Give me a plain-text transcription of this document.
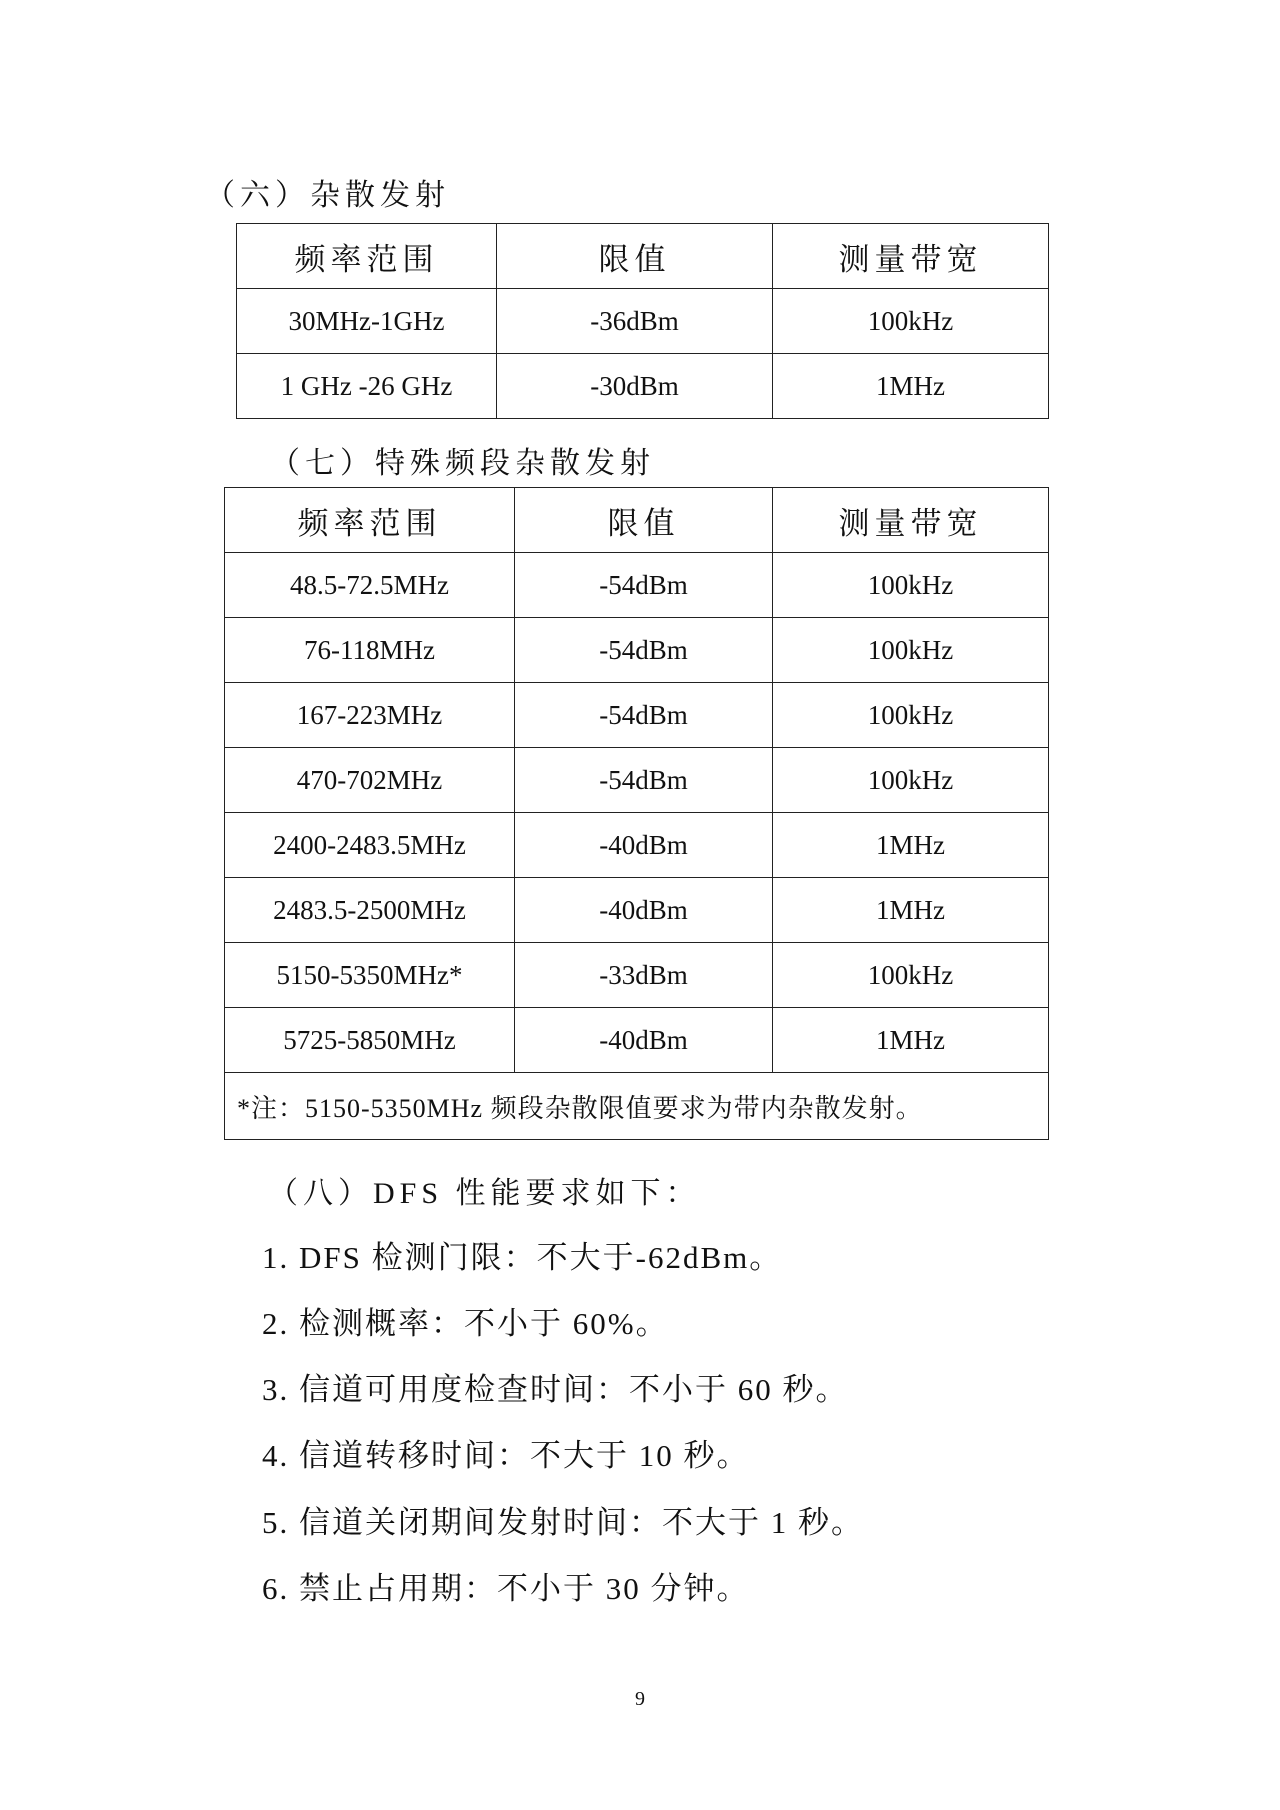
（六）杂散发射
频率范围	限值	测量带宽
30MHz-1GHz	-36dBm	100kHz
1 GHz -26 GHz	-30dBm	1MHz
（七）特殊频段杂散发射
频率范围	限值	测量带宽
48.5-72.5MHz	-54dBm	100kHz
76-118MHz	-54dBm	100kHz
167-223MHz	-54dBm	100kHz
470-702MHz	-54dBm	100kHz
2400-2483.5MHz	-40dBm	1MHz
2483.5-2500MHz	-40dBm	1MHz
5150-5350MHz*	-33dBm	100kHz
5725-5850MHz	-40dBm	1MHz
*注：5150-5350MHz 频段杂散限值要求为带内杂散发射。		
（八）DFS 性能要求如下：
1. DFS 检测门限：不大于-62dBm。
2. 检测概率：不小于 60%。
3. 信道可用度检查时间：不小于 60 秒。
4. 信道转移时间：不大于 10 秒。
5. 信道关闭期间发射时间：不大于 1 秒。
6. 禁止占用期：不小于 30 分钟。
9
